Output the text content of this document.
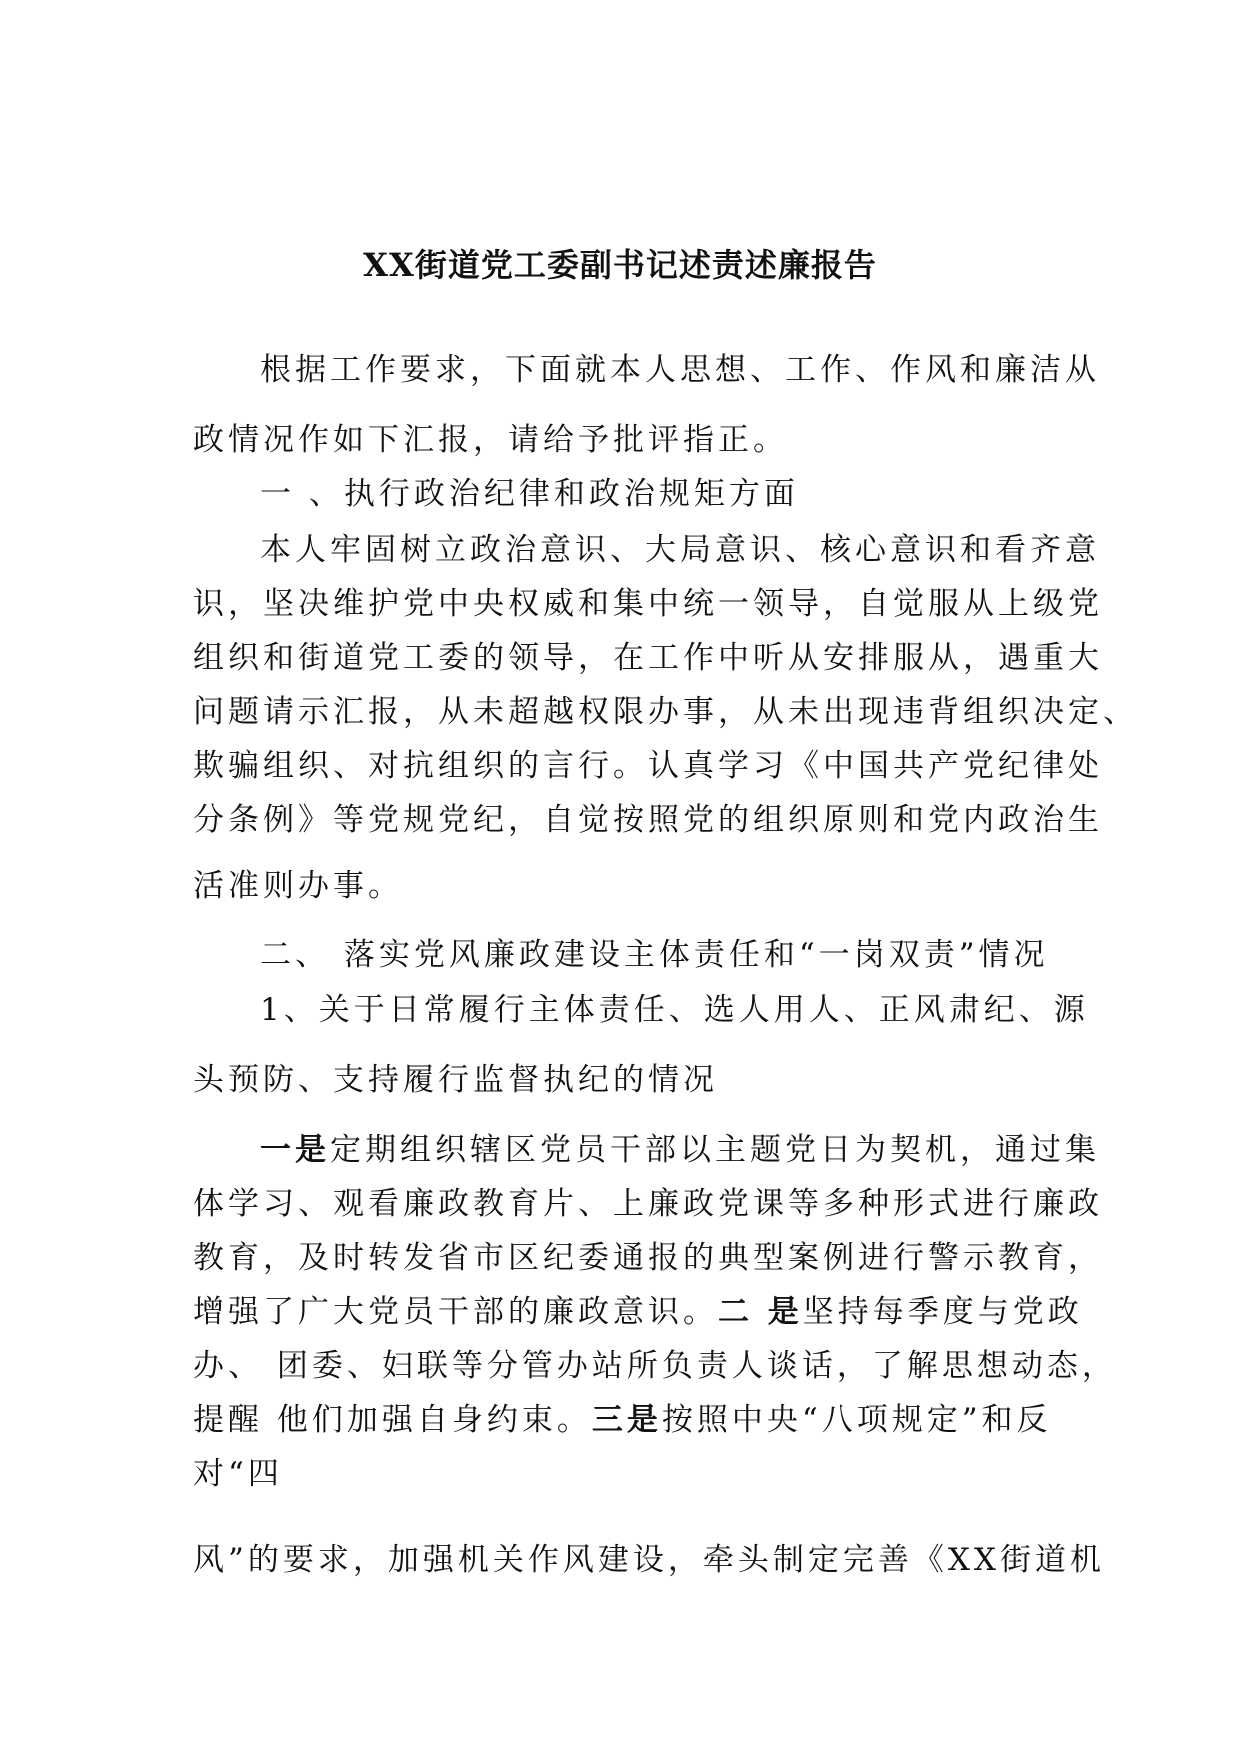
XX街道党工委副书记述责述廉报告
根据工作要求，下面就本人思想、工作、作风和廉洁从
政情况作如下汇报，请给予批评指正。
一 、执行政治纪律和政治规矩方面
本人牢固树立政治意识、大局意识、核心意识和看齐意
识，坚决维护党中央权威和集中统一领导，自觉服从上级党
组织和街道党工委的领导，在工作中听从安排服从，遇重大
问题请示汇报，从未超越权限办事，从未出现违背组织决定、
欺骗组织、对抗组织的言行。认真学习《中国共产党纪律处
分条例》等党规党纪，自觉按照党的组织原则和党内政治生
活准则办事。
二、 落实党风廉政建设主体责任和“一岗双责”情况
1、关于日常履行主体责任、选人用人、正风肃纪、源
头预防、支持履行监督执纪的情况
一是定期组织辖区党员干部以主题党日为契机，通过集
体学习、观看廉政教育片、上廉政党课等多种形式进行廉政
教育，及时转发省市区纪委通报的典型案例进行警示教育，
增强了广大党员干部的廉政意识。二 是坚持每季度与党政
办、 团委、妇联等分管办站所负责人谈话，了解思想动态，
提醒 他们加强自身约束。三是按照中央“八项规定”和反
对“四
风”的要求，加强机关作风建设，牵头制定完善《XX街道机
